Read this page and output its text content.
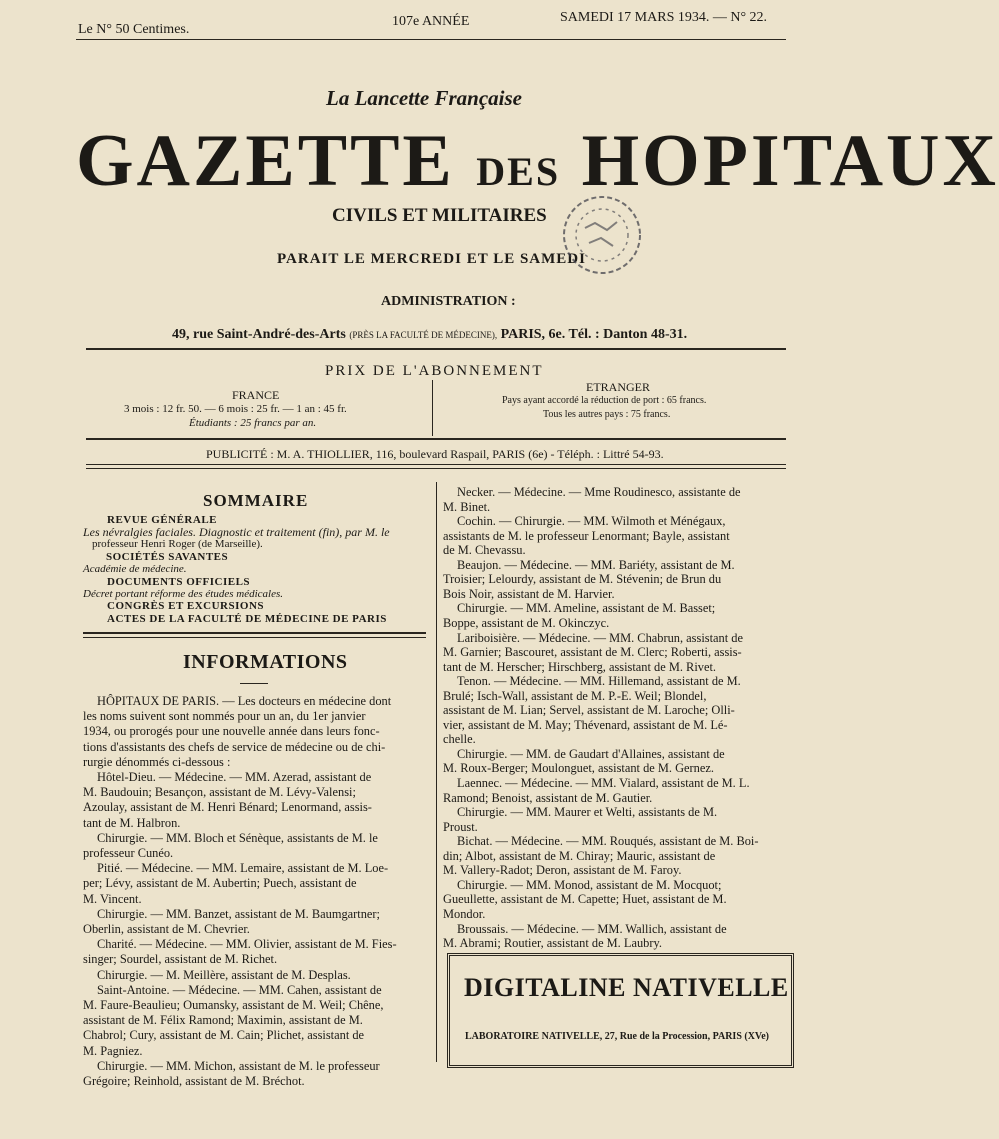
Le N° 50 Centimes.
107e ANNÉE	SAMEDI 17 MARS 1934. — N° 22.
La Lancette Française
GAZETTE DES HOPITAUX
CIVILS ET MILITAIRES
PARAIT LE MERCREDI ET LE SAMEDI
ADMINISTRATION :
49, rue Saint-André-des-Arts (PRÈS LA FACULTÉ DE MÉDECINE), PARIS, 6e. Tél. : Danton 48-31.
PRIX DE L'ABONNEMENT
FRANCE
3 mois : 12 fr. 50. — 6 mois : 25 fr. — 1 an : 45 fr.
Étudiants : 25 francs par an.
ETRANGER
Pays ayant accordé la réduction de port : 65 francs.
Tous les autres pays : 75 francs.
PUBLICITÉ : M. A. THIOLLIER, 116, boulevard Raspail, PARIS (6e) - Téléph. : Littré 54-93.
SOMMAIRE
REVUE GÉNÉRALE
Les névralgies faciales. Diagnostic et traitement (fin), par M. le
professeur Henri Roger (de Marseille).
SOCIÉTÉS SAVANTES
Académie de médecine.
DOCUMENTS OFFICIELS
Décret portant réforme des études médicales.
CONGRÈS ET EXCURSIONS
ACTES DE LA FACULTÉ DE MÉDECINE DE PARIS
INFORMATIONS
HÔPITAUX DE PARIS. — Les docteurs en médecine dont
les noms suivent sont nommés pour un an, du 1er janvier
1934, ou prorogés pour une nouvelle année dans leurs fonc-
tions d'assistants des chefs de service de médecine ou de chi-
rurgie dénommés ci-dessous :
Hôtel-Dieu. — Médecine. — MM. Azerad, assistant de
M. Baudouin; Besançon, assistant de M. Lévy-Valensi;
Azoulay, assistant de M. Henri Bénard; Lenormand, assis-
tant de M. Halbron.
Chirurgie. — MM. Bloch et Sénèque, assistants de M. le
professeur Cunéo.
Pitié. — Médecine. — MM. Lemaire, assistant de M. Loe-
per; Lévy, assistant de M. Aubertin; Puech, assistant de
M. Vincent.
Chirurgie. — MM. Banzet, assistant de M. Baumgartner;
Oberlin, assistant de M. Chevrier.
Charité. — Médecine. — MM. Olivier, assistant de M. Fies-
singer; Sourdel, assistant de M. Richet.
Chirurgie. — M. Meillère, assistant de M. Desplas.
Saint-Antoine. — Médecine. — MM. Cahen, assistant de
M. Faure-Beaulieu; Oumansky, assistant de M. Weil; Chêne,
assistant de M. Félix Ramond; Maximin, assistant de M.
Chabrol; Cury, assistant de M. Cain; Plichet, assistant de
M. Pagniez.
Chirurgie. — MM. Michon, assistant de M. le professeur
Grégoire; Reinhold, assistant de M. Bréchot.
Necker. — Médecine. — Mme Roudinesco, assistante de
M. Binet.
Cochin. — Chirurgie. — MM. Wilmoth et Ménégaux,
assistants de M. le professeur Lenormant; Bayle, assistant
de M. Chevassu.
Beaujon. — Médecine. — MM. Bariéty, assistant de M.
Troisier; Lelourdy, assistant de M. Stévenin; de Brun du
Bois Noir, assistant de M. Harvier.
Chirurgie. — MM. Ameline, assistant de M. Basset;
Boppe, assistant de M. Okinczyc.
Lariboisière. — Médecine. — MM. Chabrun, assistant de
M. Garnier; Bascouret, assistant de M. Clerc; Roberti, assis-
tant de M. Herscher; Hirschberg, assistant de M. Rivet.
Tenon. — Médecine. — MM. Hillemand, assistant de M.
Brulé; Isch-Wall, assistant de M. P.-E. Weil; Blondel,
assistant de M. Lian; Servel, assistant de M. Laroche; Olli-
vier, assistant de M. May; Thévenard, assistant de M. Lé-
chelle.
Chirurgie. — MM. de Gaudart d'Allaines, assistant de
M. Roux-Berger; Moulonguet, assistant de M. Gernez.
Laennec. — Médecine. — MM. Vialard, assistant de M. L.
Ramond; Benoist, assistant de M. Gautier.
Chirurgie. — MM. Maurer et Welti, assistants de M.
Proust.
Bichat. — Médecine. — MM. Rouqués, assistant de M. Boi-
din; Albot, assistant de M. Chiray; Mauric, assistant de
M. Vallery-Radot; Deron, assistant de M. Faroy.
Chirurgie. — MM. Monod, assistant de M. Mocquot;
Gueullette, assistant de M. Capette; Huet, assistant de M.
Mondor.
Broussais. — Médecine. — MM. Wallich, assistant de
M. Abrami; Routier, assistant de M. Laubry.
DIGITALINE NATIVELLE
LABORATOIRE NATIVELLE, 27, Rue de la Procession, PARIS (XVe)
